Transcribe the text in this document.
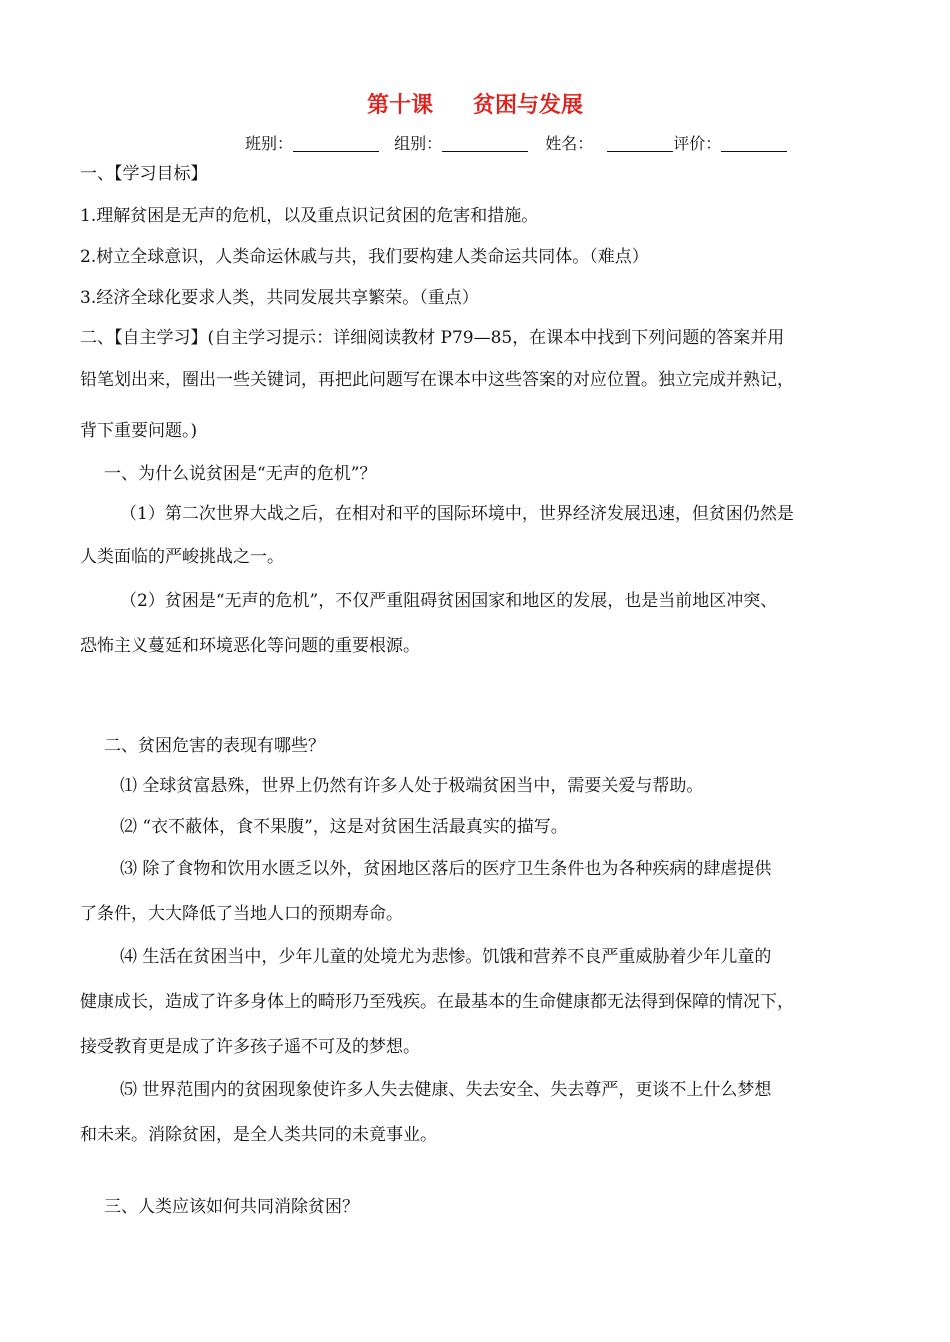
第十课 贫困与发展
班别：	组别：	姓名：	评价：
一、【学习目标】
1.理解贫困是无声的危机，以及重点识记贫困的危害和措施。
2.树立全球意识，人类命运休戚与共，我们要构建人类命运共同体。（难点）
3.经济全球化要求人类，共同发展共享繁荣。（重点）
二、【自主学习】(自主学习提示：详细阅读教材 P79—85，在课本中找到下列问题的答案并用
铅笔划出来，圈出一些关键词，再把此问题写在课本中这些答案的对应位置。独立完成并熟记，
背下重要问题。)
一、为什么说贫困是“无声的危机”？
（1）第二次世界大战之后，在相对和平的国际环境中，世界经济发展迅速，但贫困仍然是
人类面临的严峻挑战之一。
（2）贫困是“无声的危机”，不仅严重阻碍贫困国家和地区的发展，也是当前地区冲突、
恐怖主义蔓延和环境恶化等问题的重要根源。
二、贫困危害的表现有哪些？
⑴ 全球贫富悬殊，世界上仍然有许多人处于极端贫困当中，需要关爱与帮助。
⑵ “衣不蔽体，食不果腹”，这是对贫困生活最真实的描写。
⑶ 除了食物和饮用水匮乏以外，贫困地区落后的医疗卫生条件也为各种疾病的肆虐提供
了条件，大大降低了当地人口的预期寿命。
⑷ 生活在贫困当中，少年儿童的处境尤为悲惨。饥饿和营养不良严重威胁着少年儿童的
健康成长，造成了许多身体上的畸形乃至残疾。在最基本的生命健康都无法得到保障的情况下，
接受教育更是成了许多孩子遥不可及的梦想。
⑸ 世界范围内的贫困现象使许多人失去健康、失去安全、失去尊严，更谈不上什么梦想
和未来。消除贫困，是全人类共同的未竟事业。
三、人类应该如何共同消除贫困？
